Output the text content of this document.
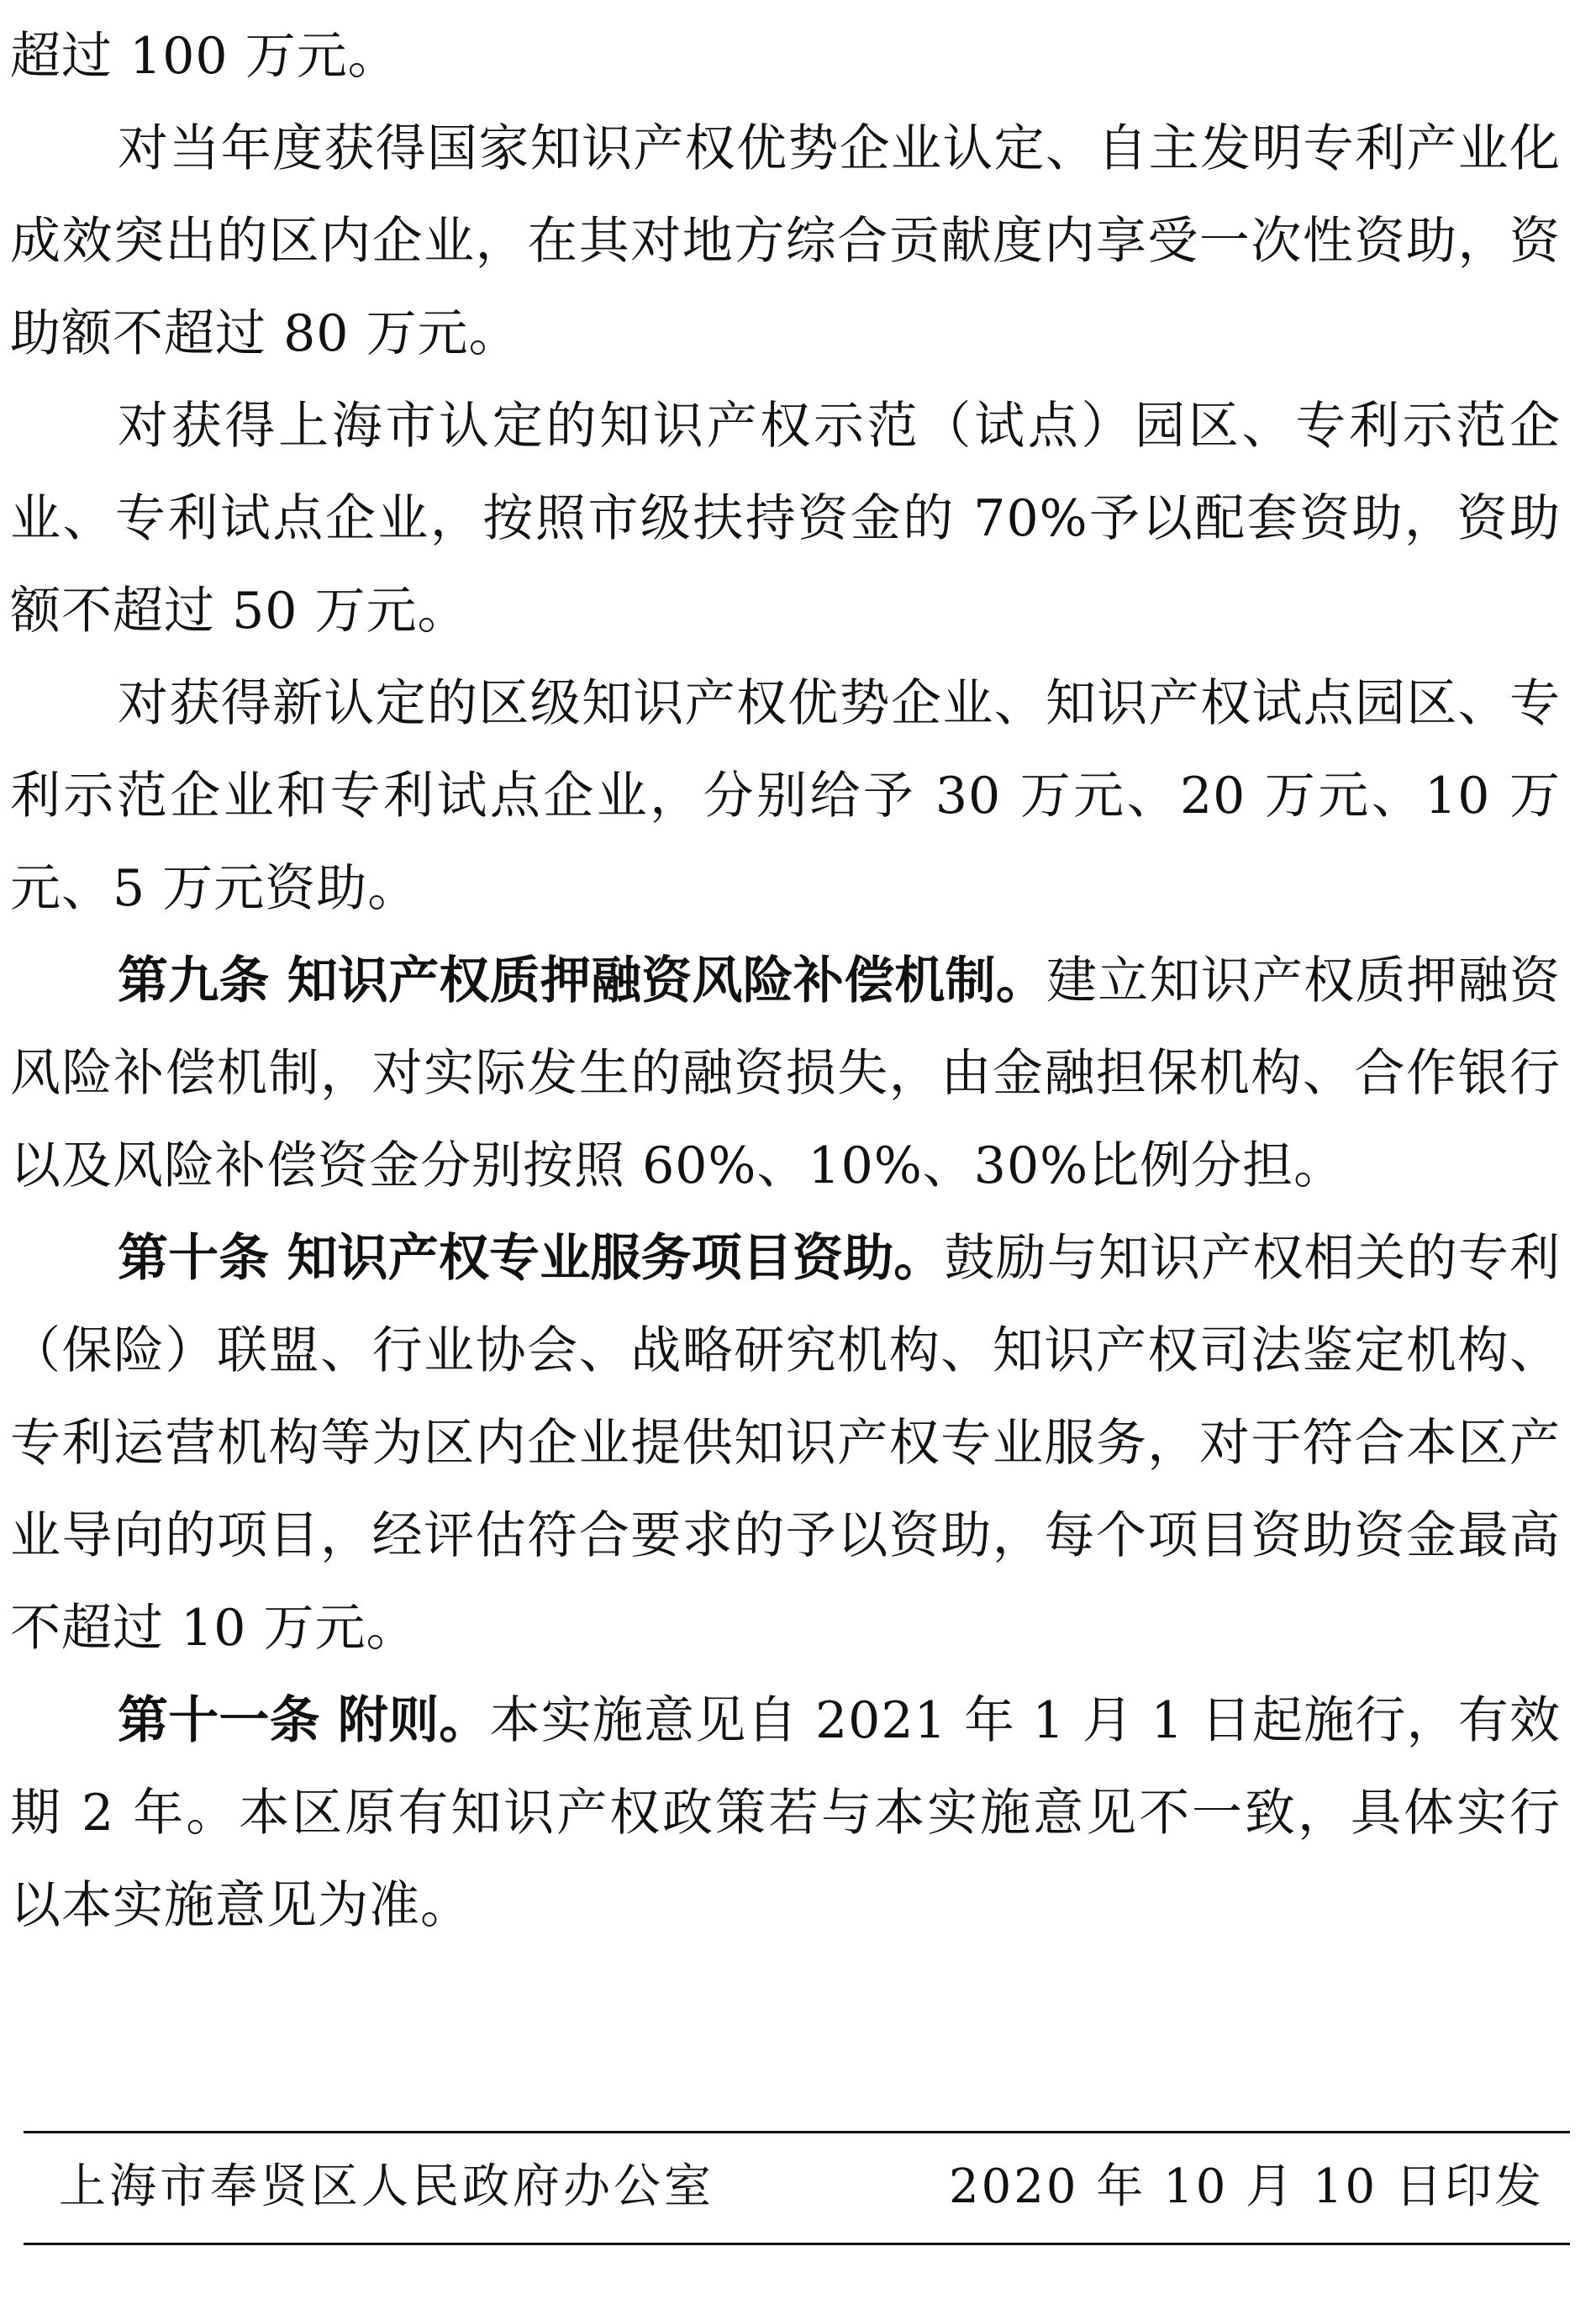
超过 100 万元。

对当年度获得国家知识产权优势企业认定、自主发明专利产业化成效突出的区内企业，在其对地方综合贡献度内享受一次性资助，资助额不超过 80 万元。

对获得上海市认定的知识产权示范（试点）园区、专利示范企业、专利试点企业，按照市级扶持资金的 70%予以配套资助，资助额不超过 50 万元。

对获得新认定的区级知识产权优势企业、知识产权试点园区、专利示范企业和专利试点企业，分别给予 30 万元、20 万元、10 万元、5 万元资助。

第九条 知识产权质押融资风险补偿机制。建立知识产权质押融资风险补偿机制，对实际发生的融资损失，由金融担保机构、合作银行以及风险补偿资金分别按照 60%、10%、30%比例分担。

第十条 知识产权专业服务项目资助。鼓励与知识产权相关的专利（保险）联盟、行业协会、战略研究机构、知识产权司法鉴定机构、专利运营机构等为区内企业提供知识产权专业服务，对于符合本区产业导向的项目，经评估符合要求的予以资助，每个项目资助资金最高不超过 10 万元。

第十一条 附则。本实施意见自 2021 年 1 月 1 日起施行，有效期 2 年。本区原有知识产权政策若与本实施意见不一致，具体实行以本实施意见为准。

上海市奉贤区人民政府办公室	2020 年 10 月 10 日印发
